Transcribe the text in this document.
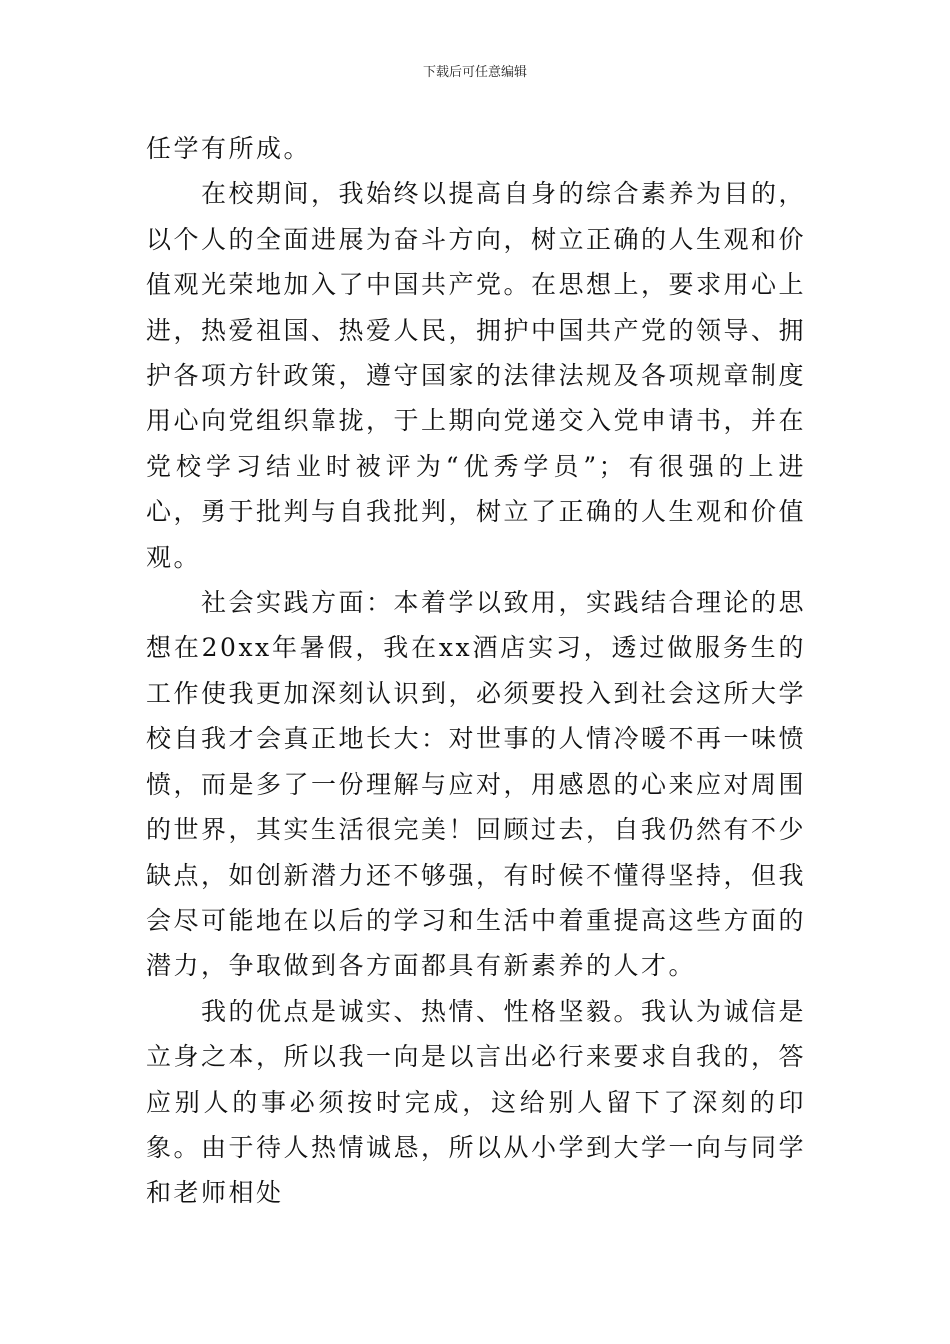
下载后可任意编辑

任学有所成。

在校期间，我始终以提高自身的综合素养为目的，以个人的全面进展为奋斗方向，树立正确的人生观和价值观光荣地加入了中国共产党。在思想上，要求用心上进，热爱祖国、热爱人民，拥护中国共产党的领导、拥护各项方针政策，遵守国家的法律法规及各项规章制度用心向党组织靠拢，于上期向党递交入党申请书，并在党校学习结业时被评为“优秀学员”；有很强的上进心，勇于批判与自我批判，树立了正确的人生观和价值观。

社会实践方面：本着学以致用，实践结合理论的思想在20xx年暑假，我在xx酒店实习，透过做服务生的工作使我更加深刻认识到，必须要投入到社会这所大学校自我才会真正地长大：对世事的人情冷暖不再一味愤愤，而是多了一份理解与应对，用感恩的心来应对周围的世界，其实生活很完美！回顾过去，自我仍然有不少缺点，如创新潜力还不够强，有时候不懂得坚持，但我会尽可能地在以后的学习和生活中着重提高这些方面的潜力，争取做到各方面都具有新素养的人才。

我的优点是诚实、热情、性格坚毅。我认为诚信是立身之本，所以我一向是以言出必行来要求自我的，答应别人的事必须按时完成，这给别人留下了深刻的印象。由于待人热情诚恳，所以从小学到大学一向与同学和老师相处
